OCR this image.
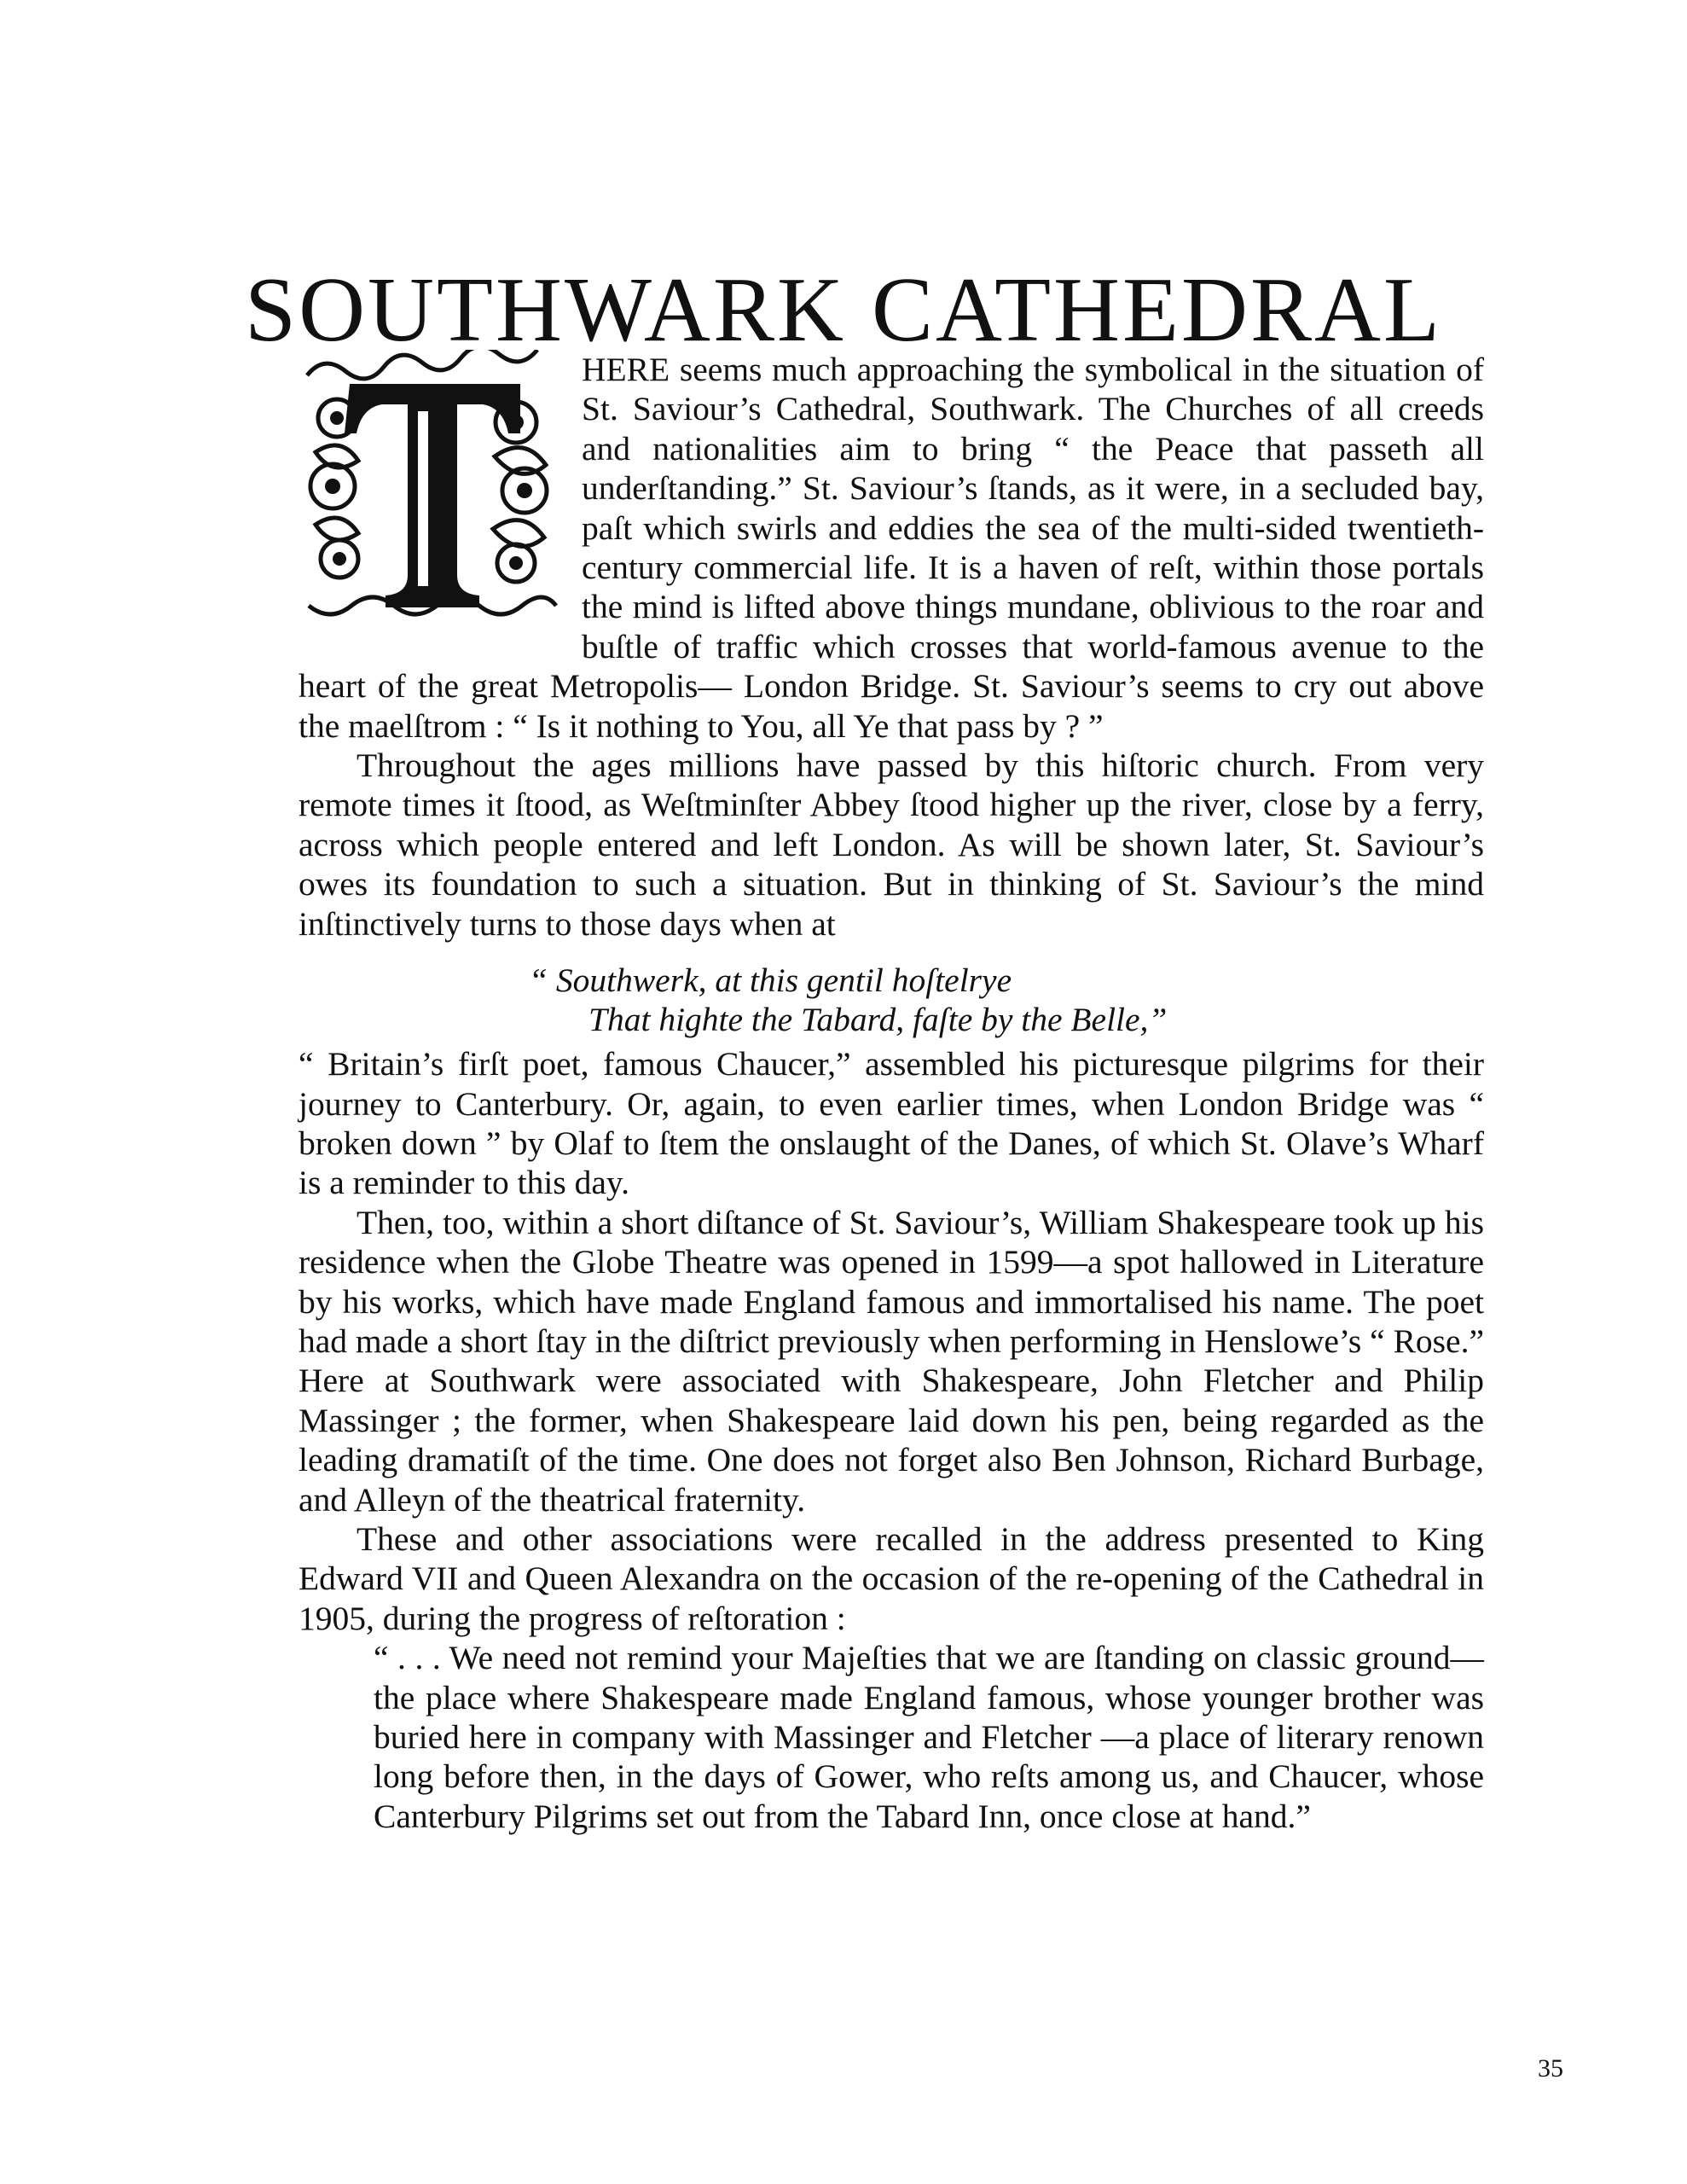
SOUTHWARK CATHEDRAL

HERE seems much approaching the symbolical in the situation of St. Saviour’s Cathedral, Southwark. The Churches of all creeds and nationalities aim to bring “ the Peace that passeth all underſtanding.” St. Saviour’s ſtands, as it were, in a secluded bay, paſt which swirls and eddies the sea of the multi-sided twentieth-century commercial life. It is a haven of reſt, within those portals the mind is lifted above things mundane, oblivious to the roar and buſtle of traffic which crosses that world-famous avenue to the heart of the great Metropolis— London Bridge. St. Saviour’s seems to cry out above the maelſtrom : “ Is it nothing to You, all Ye that pass by ? ”

Throughout the ages millions have passed by this hiſtoric church. From very remote times it ſtood, as Weſtminſter Abbey ſtood higher up the river, close by a ferry, across which people entered and left London. As will be shown later, St. Saviour’s owes its foundation to such a situation. But in thinking of St. Saviour’s the mind inſtinctively turns to those days when at

“ Southwerk, at this gentil hoſtelrye
That highte the Tabard, faſte by the Belle,”

“ Britain’s firſt poet, famous Chaucer,” assembled his picturesque pilgrims for their journey to Canterbury. Or, again, to even earlier times, when London Bridge was “ broken down ” by Olaf to ſtem the onslaught of the Danes, of which St. Olave’s Wharf is a reminder to this day.

Then, too, within a short diſtance of St. Saviour’s, William Shakespeare took up his residence when the Globe Theatre was opened in 1599—a spot hallowed in Literature by his works, which have made England famous and immortalised his name. The poet had made a short ſtay in the diſtrict previously when performing in Henslowe’s “ Rose.” Here at Southwark were associated with Shakespeare, John Fletcher and Philip Massinger ; the former, when Shakespeare laid down his pen, being regarded as the leading dramatiſt of the time. One does not forget also Ben Johnson, Richard Burbage, and Alleyn of the theatrical fraternity.

These and other associations were recalled in the address presented to King Edward VII and Queen Alexandra on the occasion of the re-opening of the Cathedral in 1905, during the progress of reſtoration :

“ . . . We need not remind your Majeſties that we are ſtanding on classic ground—the place where Shakespeare made England famous, whose younger brother was buried here in company with Massinger and Fletcher —a place of literary renown long before then, in the days of Gower, who reſts among us, and Chaucer, whose Canterbury Pilgrims set out from the Tabard Inn, once close at hand.”

35
